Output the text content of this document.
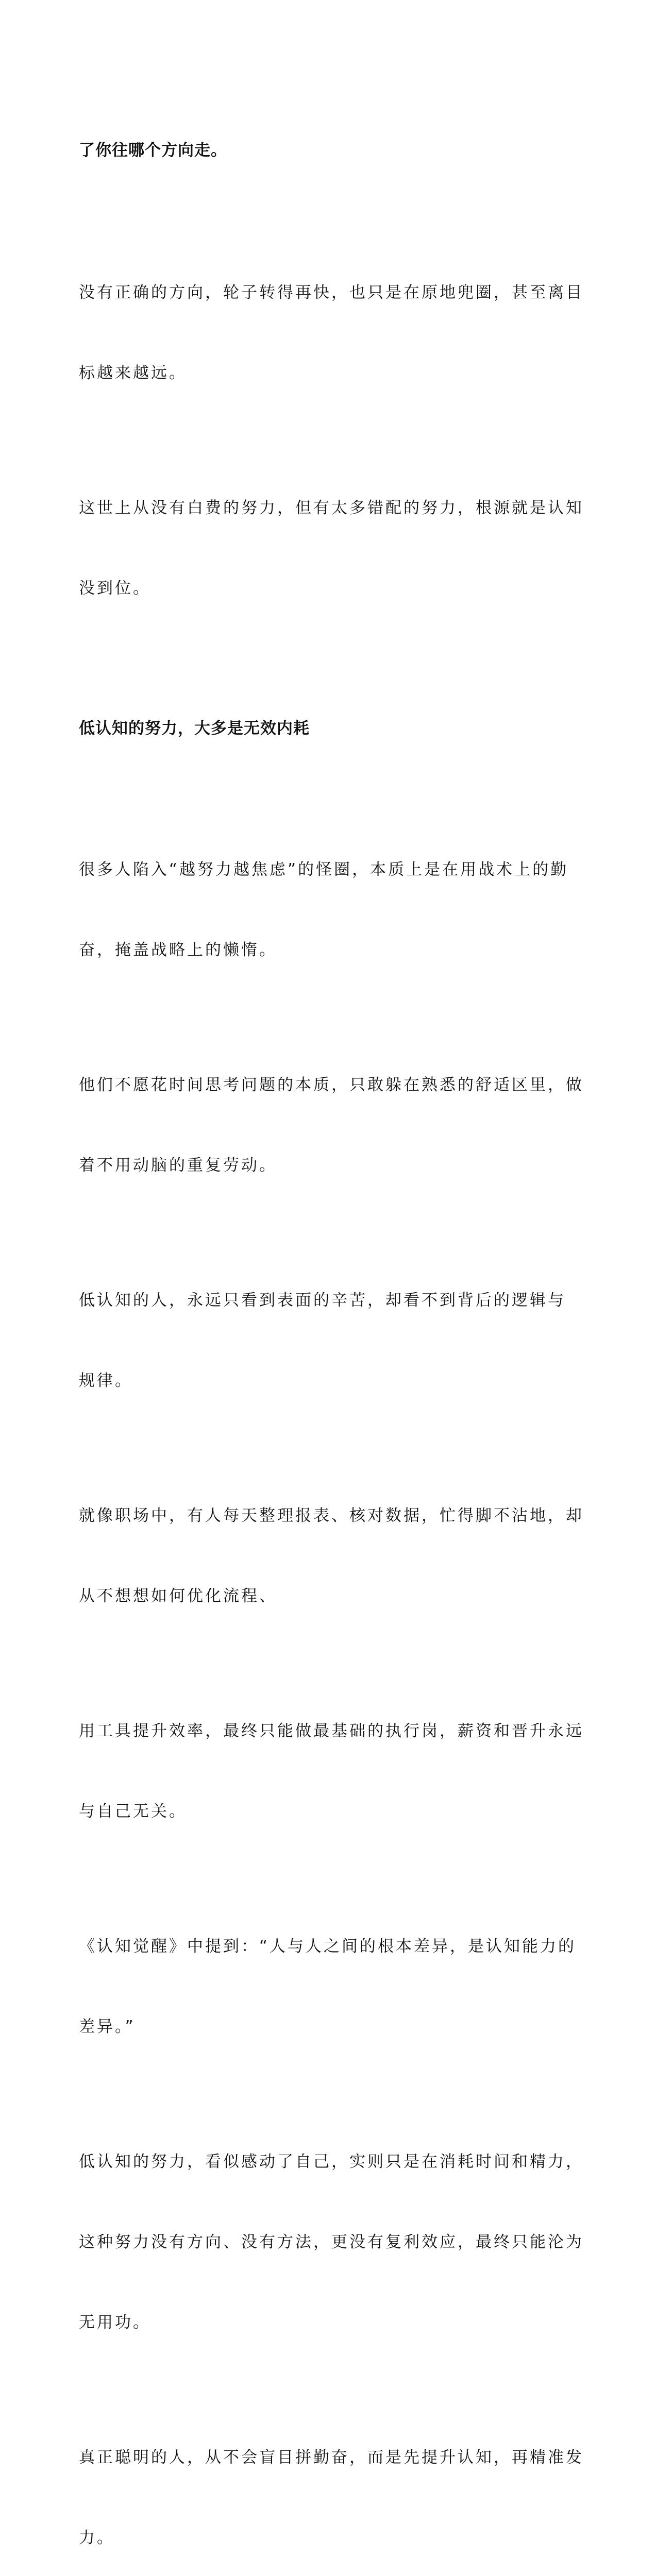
了你往哪个方向走。

没有正确的方向，轮子转得再快，也只是在原地兜圈，甚至离目

标越来越远。

这世上从没有白费的努力，但有太多错配的努力，根源就是认知

没到位。

低认知的努力，大多是无效内耗

很多人陷入“越努力越焦虑”的怪圈，本质上是在用战术上的勤

奋，掩盖战略上的懒惰。

他们不愿花时间思考问题的本质，只敢躲在熟悉的舒适区里，做

着不用动脑的重复劳动。

低认知的人，永远只看到表面的辛苦，却看不到背后的逻辑与

规律。

就像职场中，有人每天整理报表、核对数据，忙得脚不沾地，却

从不想想如何优化流程、

用工具提升效率，最终只能做最基础的执行岗，薪资和晋升永远

与自己无关。

《认知觉醒》中提到：“人与人之间的根本差异，是认知能力的

差异。”

低认知的努力，看似感动了自己，实则只是在消耗时间和精力，

这种努力没有方向、没有方法，更没有复利效应，最终只能沦为

无用功。

真正聪明的人，从不会盲目拼勤奋，而是先提升认知，再精准发

力。
